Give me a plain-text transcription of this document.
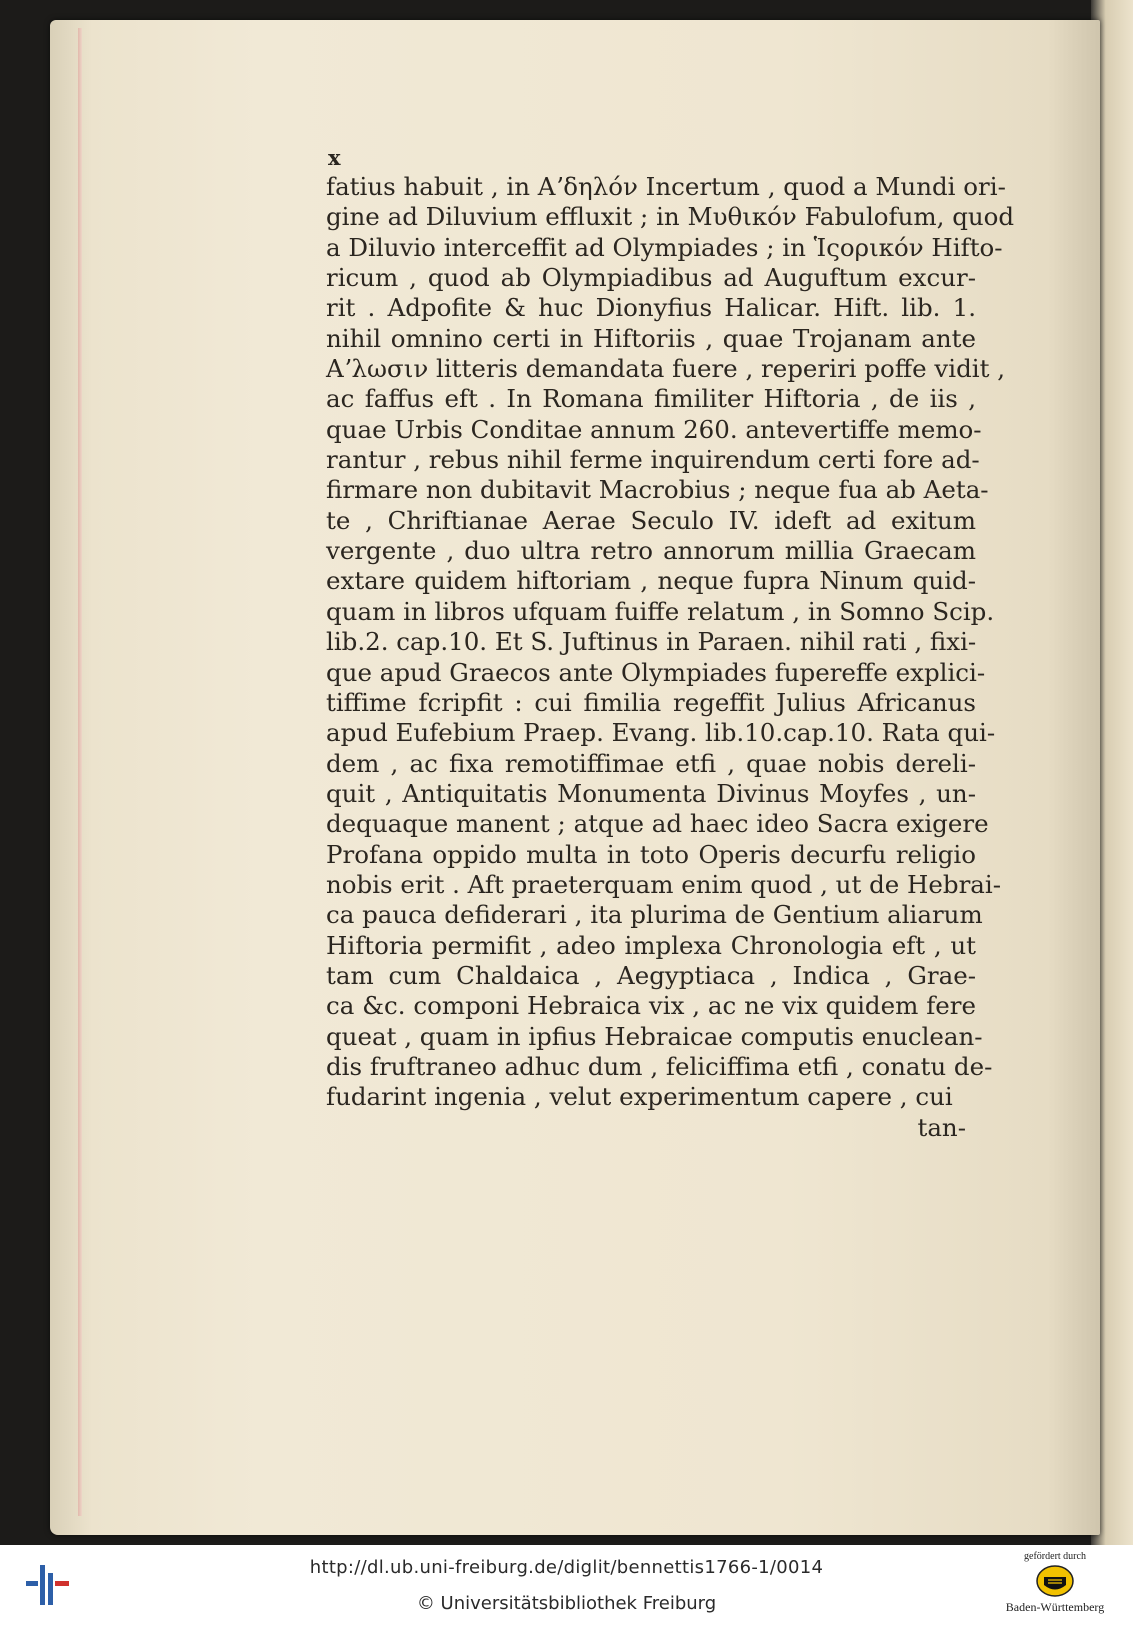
x
fatius habuit , in Aʼδηλόν Incertum , quod a Mundi ori-
gine ad Diluvium effluxit ; in Μυθικόν Fabulofum, quod
a Diluvio interceffit ad Olympiades ; in Ἱςορικόν Hifto-
ricum , quod ab Olympiadibus ad Auguftum excur-
rit . Adpofite & huc Dionyfius Halicar. Hift. lib. 1.
nihil omnino certi in Hiftoriis , quae Trojanam ante
Aʼλωσιν litteris demandata fuere , reperiri poffe vidit ,
ac faffus eft . In Romana fimiliter Hiftoria , de iis ,
quae Urbis Conditae annum 260. antevertiffe memo-
rantur , rebus nihil ferme inquirendum certi fore ad-
firmare non dubitavit Macrobius ; neque fua ab Aeta-
te , Chriftianae Aerae Seculo IV. ideft ad exitum
vergente , duo ultra retro annorum millia Graecam
extare quidem hiftoriam , neque fupra Ninum quid-
quam in libros ufquam fuiffe relatum , in Somno Scip.
lib.2. cap.10. Et S. Juftinus in Paraen. nihil rati , fixi-
que apud Graecos ante Olympiades fupereffe explici-
tiffime fcripfit : cui fimilia regeffit Julius Africanus
apud Eufebium Praep. Evang. lib.10.cap.10. Rata qui-
dem , ac fixa remotiffimae etfi , quae nobis dereli-
quit , Antiquitatis Monumenta Divinus Moyfes , un-
dequaque manent ; atque ad haec ideo Sacra exigere
Profana oppido multa in toto Operis decurfu religio
nobis erit . Aft praeterquam enim quod , ut de Hebrai-
ca pauca defiderari , ita plurima de Gentium aliarum
Hiftoria permifit , adeo implexa Chronologia eft , ut
tam cum Chaldaica , Aegyptiaca , Indica , Grae-
ca &c. componi Hebraica vix , ac ne vix quidem fere
queat , quam in ipfius Hebraicae computis enuclean-
dis fruftraneo adhuc dum , feliciffima etfi , conatu de-
fudarint ingenia , velut experimentum capere , cui
tan-
http://dl.ub.uni-freiburg.de/diglit/bennettis1766-1/0014
© Universitätsbibliothek Freiburg
gefördert durch
Baden-Württemberg
